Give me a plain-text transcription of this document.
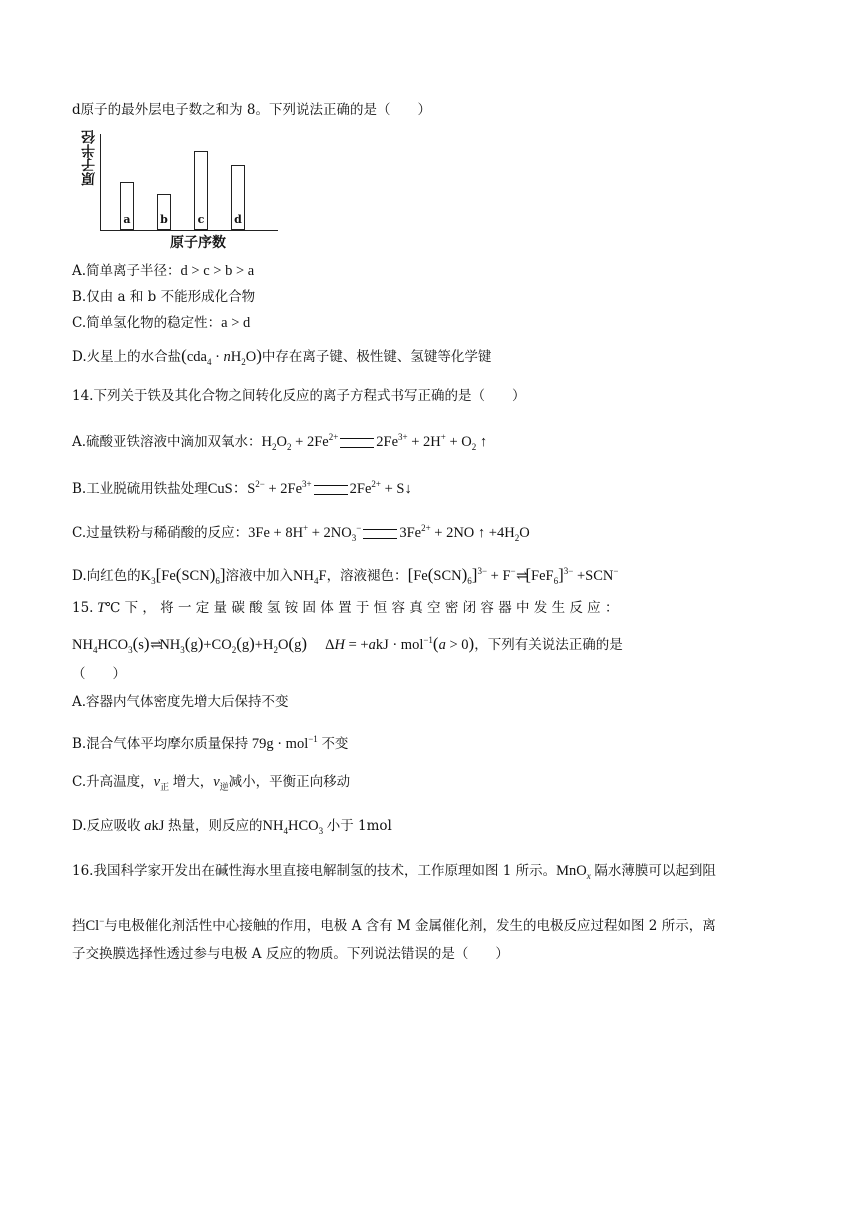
d原子的最外层电子数之和为 8。下列说法正确的是（　　）
原子半径
a	b	c	d
原子序数
A.简单离子半径：d > c > b > a
B.仅由 a 和 b 不能形成化合物
C.简单氢化物的稳定性：a > d
D.火星上的水合盐$(cda_4 \cdot nH_2O)$中存在离子键、极性键、氢键等化学键
14.下列关于铁及其化合物之间转化反应的离子方程式书写正确的是（　　）
A.硫酸亚铁溶液中滴加双氧水：$H_2O_2 + 2Fe^{2+}$	$2Fe^{3+} + 2H^+ + O_2$ ↑
B.工业脱硫用铁盐处理CuS：$S^{2-} + 2Fe^{3+}$	$2Fe^{2+}$ + S↓
C.过量铁粉与稀硝酸的反应：$3Fe + 8H^+ + 2NO_3^-$	$3Fe^{2+} + 2NO$ ↑ $+4H_2O$
D.向红色的$K_3[Fe(SCN)_6]$溶液中加入$NH_4F$，溶液褪色：$[Fe(SCN)_6]^{3-} + F^-$ ⇌ $[FeF_6]^{3-} +SCN^-$
15. T℃ 下 ， 将 一 定 量 碳 酸 氢 铵 固 体 置 于 恒 容 真 空 密 闭 容 器 中 发 生 反 应 ：
$NH_4HCO_3(s)$ ⇌ $NH_3(g)+CO_2(g)+H_2O(g)$     ΔH = +akJ · mol$^{-1}$(a > 0)，下列有关说法正确的是
（　　）
A.容器内气体密度先增大后保持不变
B.混合气体平均摩尔质量保持 79g · mol$^{-1}$ 不变
C.升高温度，$v_正$ 增大，$v_逆$减小，平衡正向移动
D.反应吸收 akJ 热量，则反应的$NH_4HCO_3$ 小于 1mol
16.我国科学家开发出在碱性海水里直接电解制氢的技术，工作原理如图 1 所示。MnO$_x$ 隔水薄膜可以起到阻
挡Cl−与电极催化剂活性中心接触的作用，电极 A 含有 M 金属催化剂，发生的电极反应过程如图 2 所示，离
子交换膜选择性透过参与电极 A 反应的物质。下列说法错误的是（　　）
